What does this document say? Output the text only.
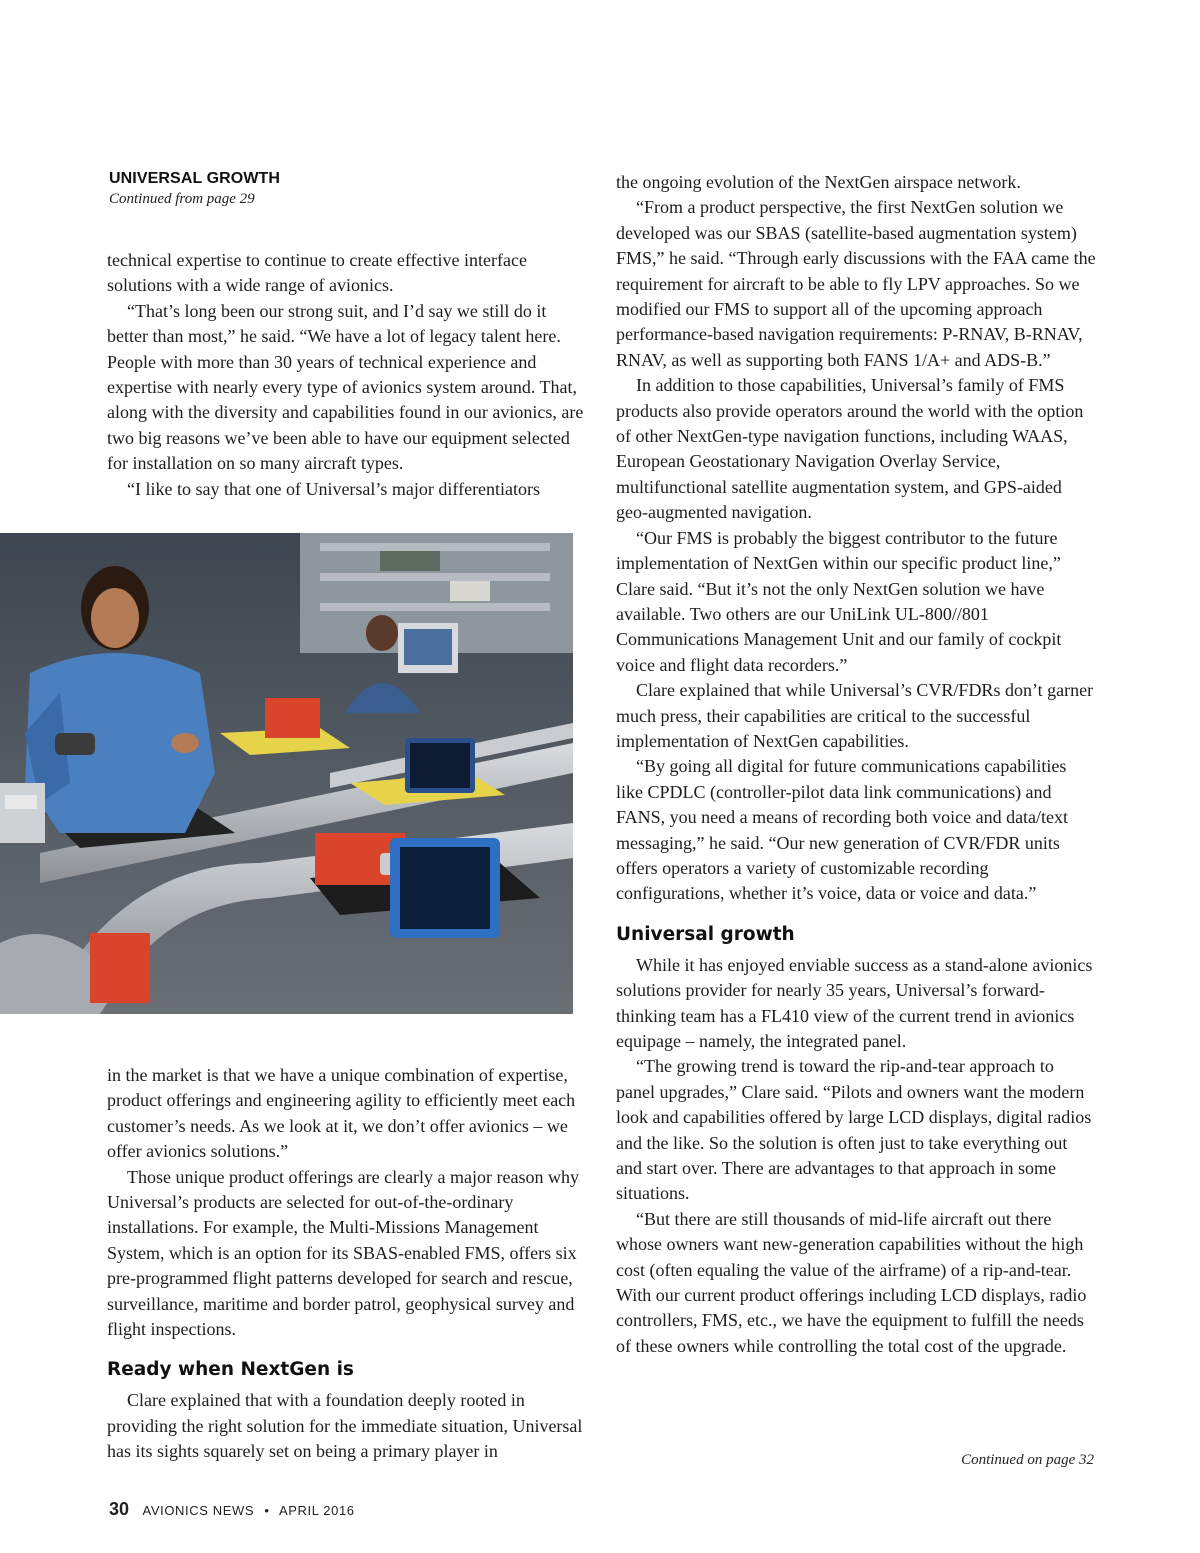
UNIVERSAL GROWTH
Continued from page 29

technical expertise to continue to create effective interface solutions with a wide range of avionics.

“That’s long been our strong suit, and I’d say we still do it better than most,” he said. “We have a lot of legacy talent here. People with more than 30 years of technical experience and expertise with nearly every type of avionics system around. That, along with the diversity and capabilities found in our avionics, are two big reasons we’ve been able to have our equipment selected for installation on so many aircraft types.

“I like to say that one of Universal’s major differentiators

in the market is that we have a unique combination of expertise, product offerings and engineering agility to efficiently meet each customer’s needs. As we look at it, we don’t offer avionics – we offer avionics solutions.”

Those unique product offerings are clearly a major reason why Universal’s products are selected for out-of-the-ordinary installations. For example, the Multi-Missions Management System, which is an option for its SBAS-enabled FMS, offers six pre-programmed flight patterns developed for search and rescue, surveillance, maritime and border patrol, geophysical survey and flight inspections.

Ready when NextGen is

Clare explained that with a foundation deeply rooted in providing the right solution for the immediate situation, Universal has its sights squarely set on being a primary player in

the ongoing evolution of the NextGen airspace network.

“From a product perspective, the first NextGen solution we developed was our SBAS (satellite-based augmentation system) FMS,” he said. “Through early discussions with the FAA came the requirement for aircraft to be able to fly LPV approaches. So we modified our FMS to support all of the upcoming approach performance-based navigation requirements: P-RNAV, B-RNAV, RNAV, as well as supporting both FANS 1/A+ and ADS-B.”

In addition to those capabilities, Universal’s family of FMS products also provide operators around the world with the option of other NextGen-type navigation functions, including WAAS, European Geostationary Navigation Overlay Service, multifunctional satellite augmentation system, and GPS-aided geo-augmented navigation.

“Our FMS is probably the biggest contributor to the future implementation of NextGen within our specific product line,” Clare said. “But it’s not the only NextGen solution we have available. Two others are our UniLink UL-800//801 Communications Management Unit and our family of cockpit voice and flight data recorders.”

Clare explained that while Universal’s CVR/FDRs don’t garner much press, their capabilities are critical to the successful implementation of NextGen capabilities.

“By going all digital for future communications capabilities like CPDLC (controller-pilot data link communications) and FANS, you need a means of recording both voice and data/text messaging,” he said. “Our new generation of CVR/FDR units offers operators a variety of customizable recording configurations, whether it’s voice, data or voice and data.”

Universal growth

While it has enjoyed enviable success as a stand-alone avionics solutions provider for nearly 35 years, Universal’s forward-thinking team has a FL410 view of the current trend in avionics equipage – namely, the integrated panel.

“The growing trend is toward the rip-and-tear approach to panel upgrades,” Clare said. “Pilots and owners want the modern look and capabilities offered by large LCD displays, digital radios and the like. So the solution is often just to take everything out and start over. There are advantages to that approach in some situations.

“But there are still thousands of mid-life aircraft out there whose owners want new-generation capabilities without the high cost (often equaling the value of the airframe) of a rip-and-tear. With our current product offerings including LCD displays, radio controllers, FMS, etc., we have the equipment to fulfill the needs of these owners while controlling the total cost of the upgrade.

Continued on page 32
30 AVIONICS NEWS • APRIL 2016
